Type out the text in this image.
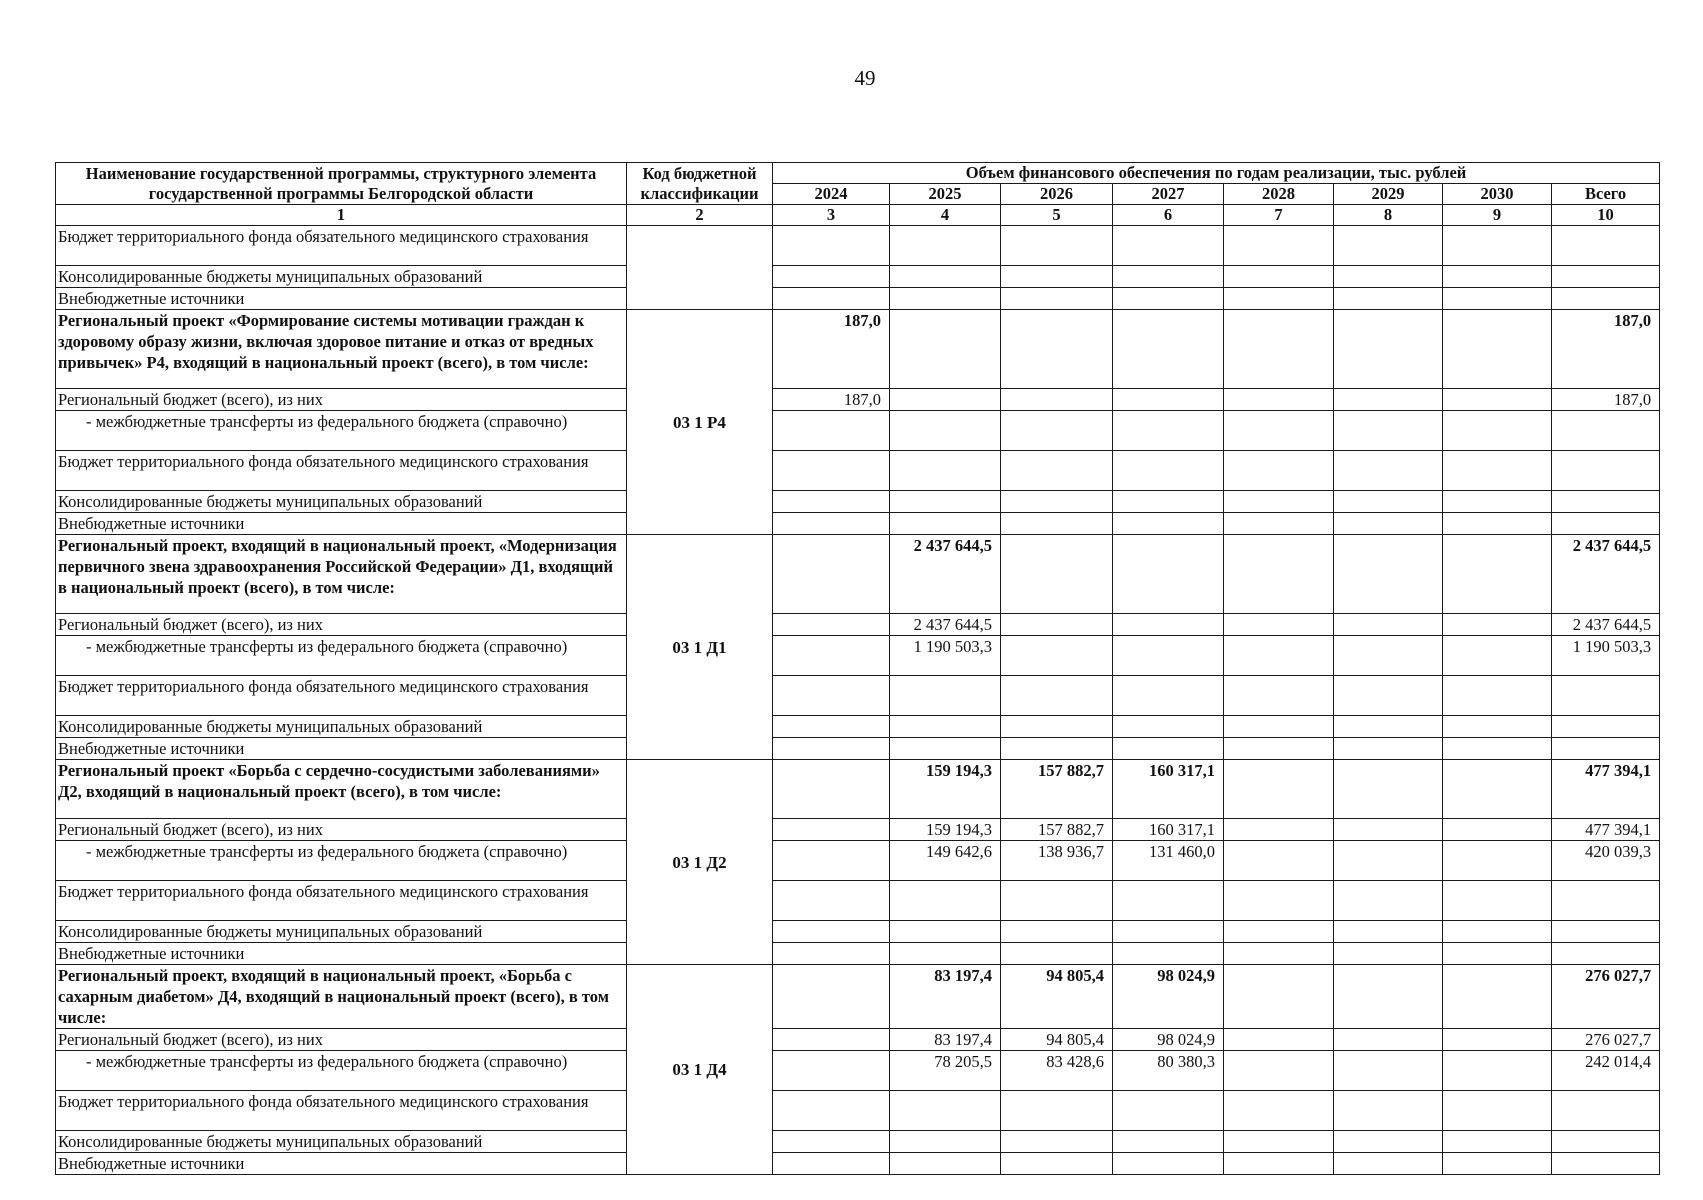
49
Наименование государственной программы, структурного элемента государственной программы Белгородской области	Код бюджетной классификации	Объем финансового обеспечения по годам реализации, тыс. рублей							
		2024	2025	2026	2027	2028	2029	2030	Всего
1	2	3	4	5	6	7	8	9	10
Бюджет территориального фонда обязательного медицинского страхования									
Консолидированные бюджеты муниципальных образований									
Внебюджетные источники									
Региональный проект «Формирование системы мотивации граждан к здоровому образу жизни, включая здоровое питание и отказ от вредных привычек» Р4, входящий в национальный проект (всего), в том числе:	03 1 Р4	187,0							187,0
Региональный бюджет (всего), из них		187,0							187,0
- межбюджетные трансферты из федерального бюджета (справочно)									
Бюджет территориального фонда обязательного медицинского страхования									
Консолидированные бюджеты муниципальных образований									
Внебюджетные источники									
Региональный проект, входящий в национальный проект, «Модернизация первичного звена здравоохранения Российской Федерации» Д1, входящий в национальный проект (всего), в том числе:	03 1 Д1		2 437 644,5						2 437 644,5
Региональный бюджет (всего), из них			2 437 644,5						2 437 644,5
- межбюджетные трансферты из федерального бюджета (справочно)			1 190 503,3						1 190 503,3
Бюджет территориального фонда обязательного медицинского страхования									
Консолидированные бюджеты муниципальных образований									
Внебюджетные источники									
Региональный проект «Борьба с сердечно-сосудистыми заболеваниями» Д2, входящий в национальный проект (всего), в том числе:	03 1 Д2		159 194,3	157 882,7	160 317,1				477 394,1
Региональный бюджет (всего), из них			159 194,3	157 882,7	160 317,1				477 394,1
- межбюджетные трансферты из федерального бюджета (справочно)			149 642,6	138 936,7	131 460,0				420 039,3
Бюджет территориального фонда обязательного медицинского страхования									
Консолидированные бюджеты муниципальных образований									
Внебюджетные источники									
Региональный проект, входящий в национальный проект, «Борьба с сахарным диабетом» Д4, входящий в национальный проект (всего), в том числе:	03 1 Д4		83 197,4	94 805,4	98 024,9				276 027,7
Региональный бюджет (всего), из них			83 197,4	94 805,4	98 024,9				276 027,7
- межбюджетные трансферты из федерального бюджета (справочно)			78 205,5	83 428,6	80 380,3				242 014,4
Бюджет территориального фонда обязательного медицинского страхования									
Консолидированные бюджеты муниципальных образований									
Внебюджетные источники									
